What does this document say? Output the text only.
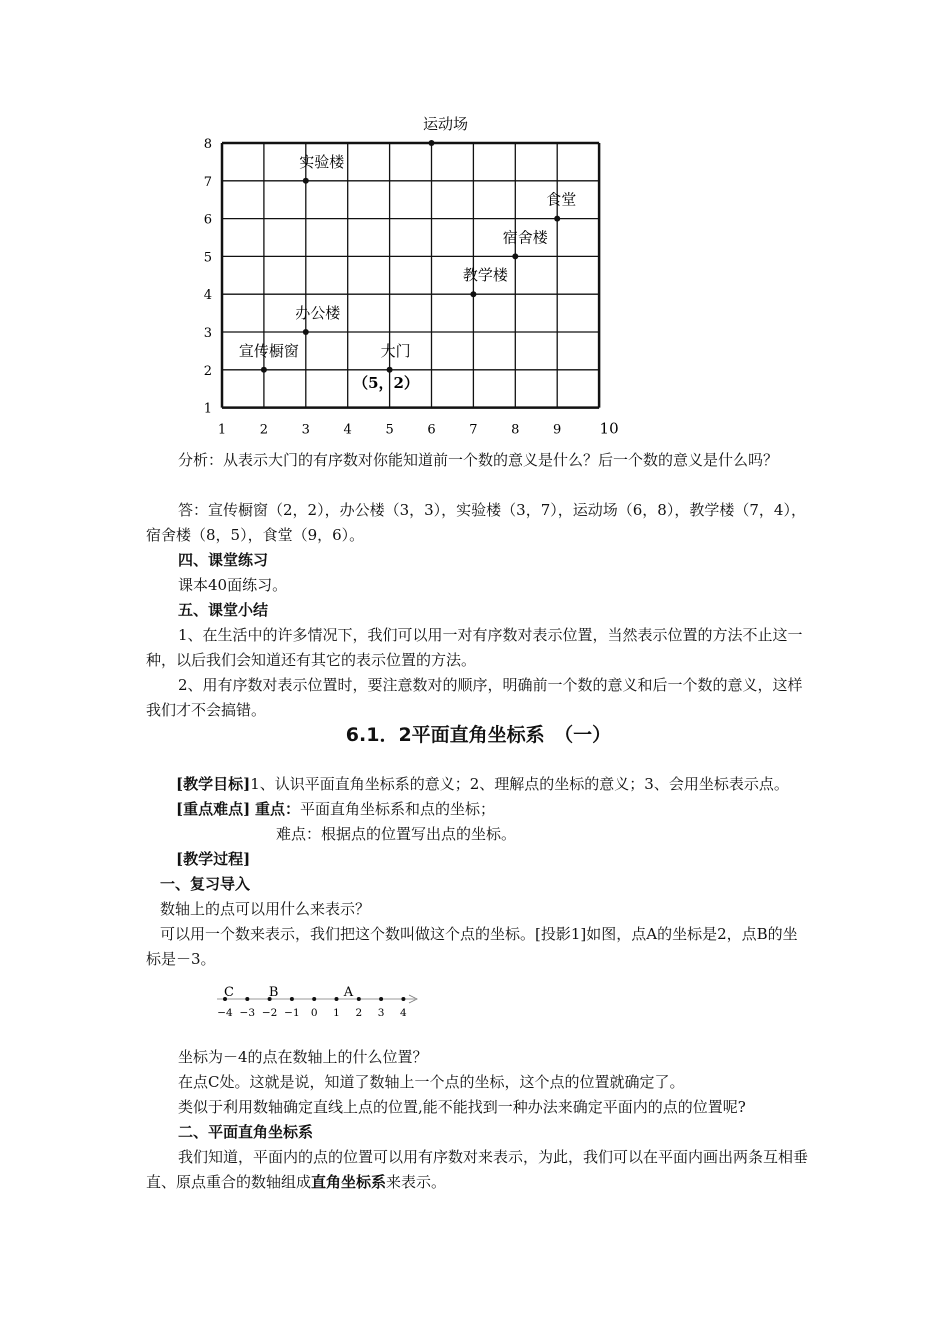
8
7
6
5
4
3
2
1
1	2	3	4	5	6	7	8	9	10
宣传橱窗
办公楼
实验楼
大门
运动场
教学楼
宿舍楼
食堂
（5，2）
分析：从表示大门的有序数对你能知道前一个数的意义是什么？后一个数的意义是什么吗？
答：宣传橱窗（2，2），办公楼（3，3），实验楼（3，7），运动场（6，8），教学楼（7，4），宿舍楼（8，5），食堂（9，6）。
四、课堂练习
课本40面练习。
五、课堂小结
1、在生活中的许多情况下，我们可以用一对有序数对表示位置，当然表示位置的方法不止这一种，以后我们会知道还有其它的表示位置的方法。
2、用有序数对表示位置时，要注意数对的顺序，明确前一个数的意义和后一个数的意义，这样我们才不会搞错。
6.1．2平面直角坐标系　（一）
[教学目标]1、认识平面直角坐标系的意义；2、理解点的坐标的意义；3、会用坐标表示点。
[重点难点] 重点：平面直角坐标系和点的坐标；
难点：根据点的位置写出点的坐标。
[教学过程]
一、复习导入
数轴上的点可以用什么来表示？
可以用一个数来表示，我们把这个数叫做这个点的坐标。[投影1]如图，点A的坐标是2，点B的坐标是－3。
−4 −3 −2 −1 0 1 2 3 4
C	B	A
坐标为－4的点在数轴上的什么位置？
在点C处。这就是说，知道了数轴上一个点的坐标，这个点的位置就确定了。
类似于利用数轴确定直线上点的位置,能不能找到一种办法来确定平面内的点的位置呢?
二、平面直角坐标系
我们知道，平面内的点的位置可以用有序数对来表示，为此，我们可以在平面内画出两条互相垂直、原点重合的数轴组成直角坐标系来表示。
